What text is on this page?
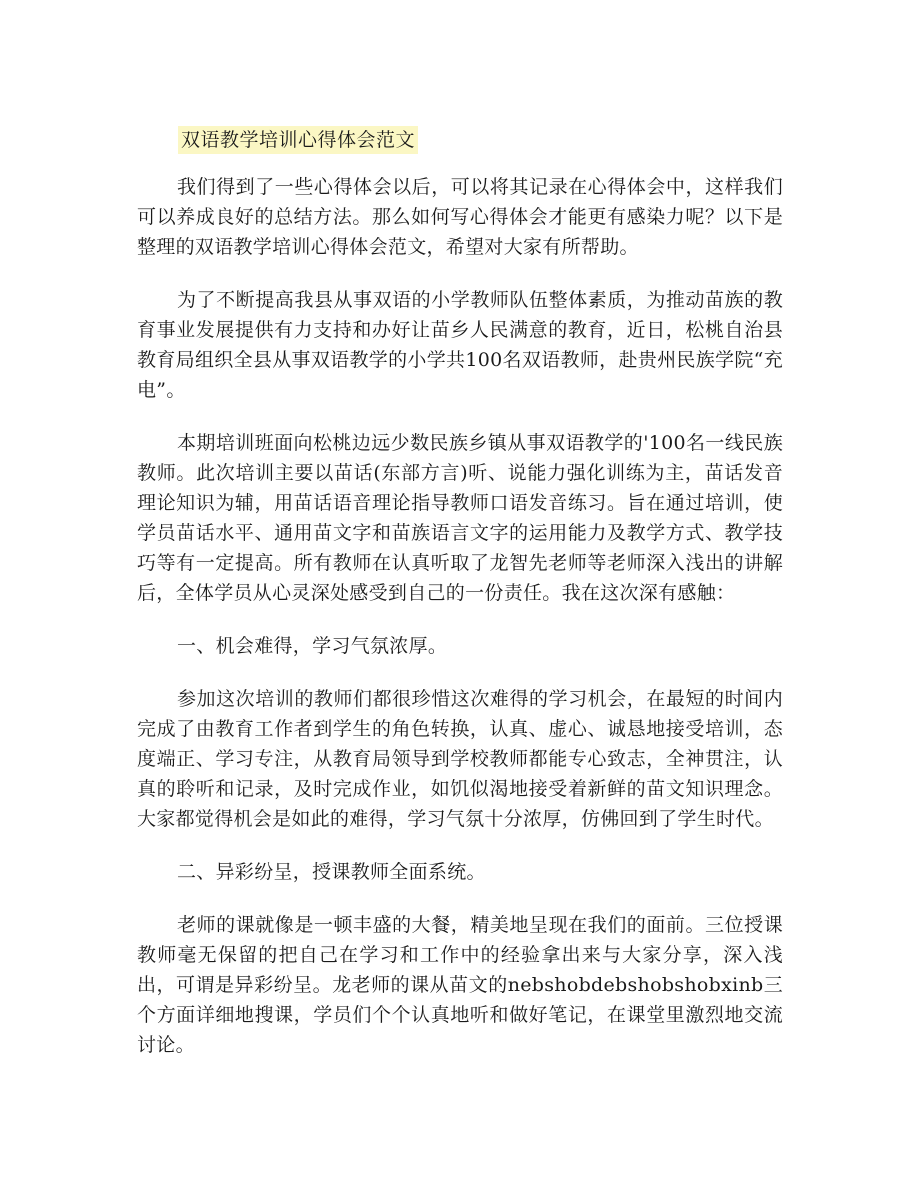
双语教学培训心得体会范文

我们得到了一些心得体会以后，可以将其记录在心得体会中，这样我们可以养成良好的总结方法。那么如何写心得体会才能更有感染力呢？以下是整理的双语教学培训心得体会范文，希望对大家有所帮助。

为了不断提高我县从事双语的小学教师队伍整体素质，为推动苗族的教育事业发展提供有力支持和办好让苗乡人民满意的教育，近日，松桃自治县教育局组织全县从事双语教学的小学共100名双语教师，赴贵州民族学院“充电”。

本期培训班面向松桃边远少数民族乡镇从事双语教学的'100名一线民族教师。此次培训主要以苗话(东部方言)听、说能力强化训练为主，苗话发音理论知识为辅，用苗话语音理论指导教师口语发音练习。旨在通过培训，使学员苗话水平、通用苗文字和苗族语言文字的运用能力及教学方式、教学技巧等有一定提高。所有教师在认真听取了龙智先老师等老师深入浅出的讲解后，全体学员从心灵深处感受到自己的一份责任。我在这次深有感触：

一、机会难得，学习气氛浓厚。

参加这次培训的教师们都很珍惜这次难得的学习机会，在最短的时间内完成了由教育工作者到学生的角色转换，认真、虚心、诚恳地接受培训，态度端正、学习专注，从教育局领导到学校教师都能专心致志，全神贯注，认真的聆听和记录，及时完成作业，如饥似渴地接受着新鲜的苗文知识理念。大家都觉得机会是如此的难得，学习气氛十分浓厚，仿佛回到了学生时代。

二、异彩纷呈，授课教师全面系统。

老师的课就像是一顿丰盛的大餐，精美地呈现在我们的面前。三位授课教师毫无保留的把自己在学习和工作中的经验拿出来与大家分享，深入浅出，可谓是异彩纷呈。龙老师的课从苗文的nebshobdebshobshobxinb三个方面详细地搜课，学员们个个认真地听和做好笔记，在课堂里激烈地交流讨论。
